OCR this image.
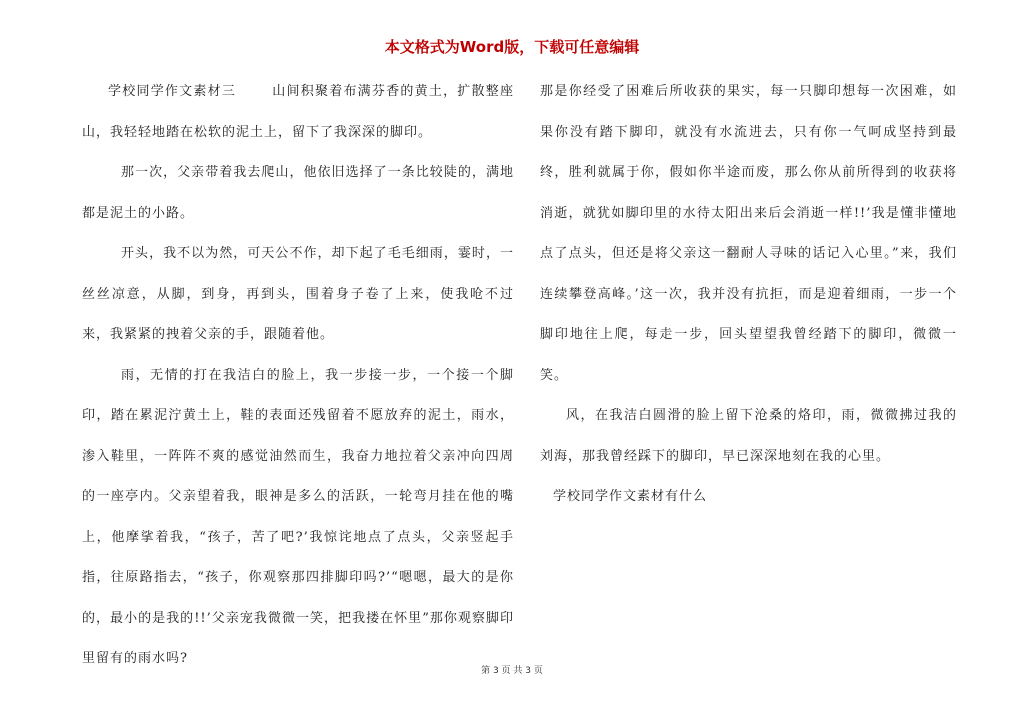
本文格式为Word版，下载可任意编辑

学校同学作文素材三	山间积聚着布满芬香的黄土，扩散整座山，我轻轻地踏在松软的泥土上，留下了我深深的脚印。

那一次，父亲带着我去爬山，他依旧选择了一条比较陡的，满地都是泥土的小路。

开头，我不以为然，可天公不作，却下起了毛毛细雨，霎时，一丝丝凉意，从脚，到身，再到头，围着身子卷了上来，使我呛不过来，我紧紧的拽着父亲的手，跟随着他。

雨，无情的打在我洁白的脸上，我一步接一步，一个接一个脚印，踏在累泥泞黄土上，鞋的表面还残留着不愿放弃的泥土，雨水，渗入鞋里，一阵阵不爽的感觉油然而生，我奋力地拉着父亲冲向四周的一座亭内。父亲望着我，眼神是多么的活跃，一轮弯月挂在他的嘴上，他摩挲着我，“孩子，苦了吧?’我惊诧地点了点头，父亲竖起手指，往原路指去，“孩子，你观察那四排脚印吗?’“嗯嗯，最大的是你的，最小的是我的!!’父亲宠我微微一笑，把我搂在怀里”那你观察脚印里留有的雨水吗?

那是你经受了困难后所收获的果实，每一只脚印想每一次困难，如果你没有踏下脚印，就没有水流进去，只有你一气呵成坚持到最终，胜利就属于你，假如你半途而废，那么你从前所得到的收获将消逝，就犹如脚印里的水待太阳出来后会消逝一样!!’我是懂非懂地点了点头，但还是将父亲这一翻耐人寻味的话记入心里。”来，我们连续攀登高峰。’这一次，我并没有抗拒，而是迎着细雨，一步一个脚印地往上爬，每走一步，回头望望我曾经踏下的脚印，微微一笑。

风，在我洁白圆滑的脸上留下沧桑的烙印，雨，微微拂过我的刘海，那我曾经踩下的脚印，早已深深地刻在我的心里。

学校同学作文素材有什么

第 3 页 共 3 页
